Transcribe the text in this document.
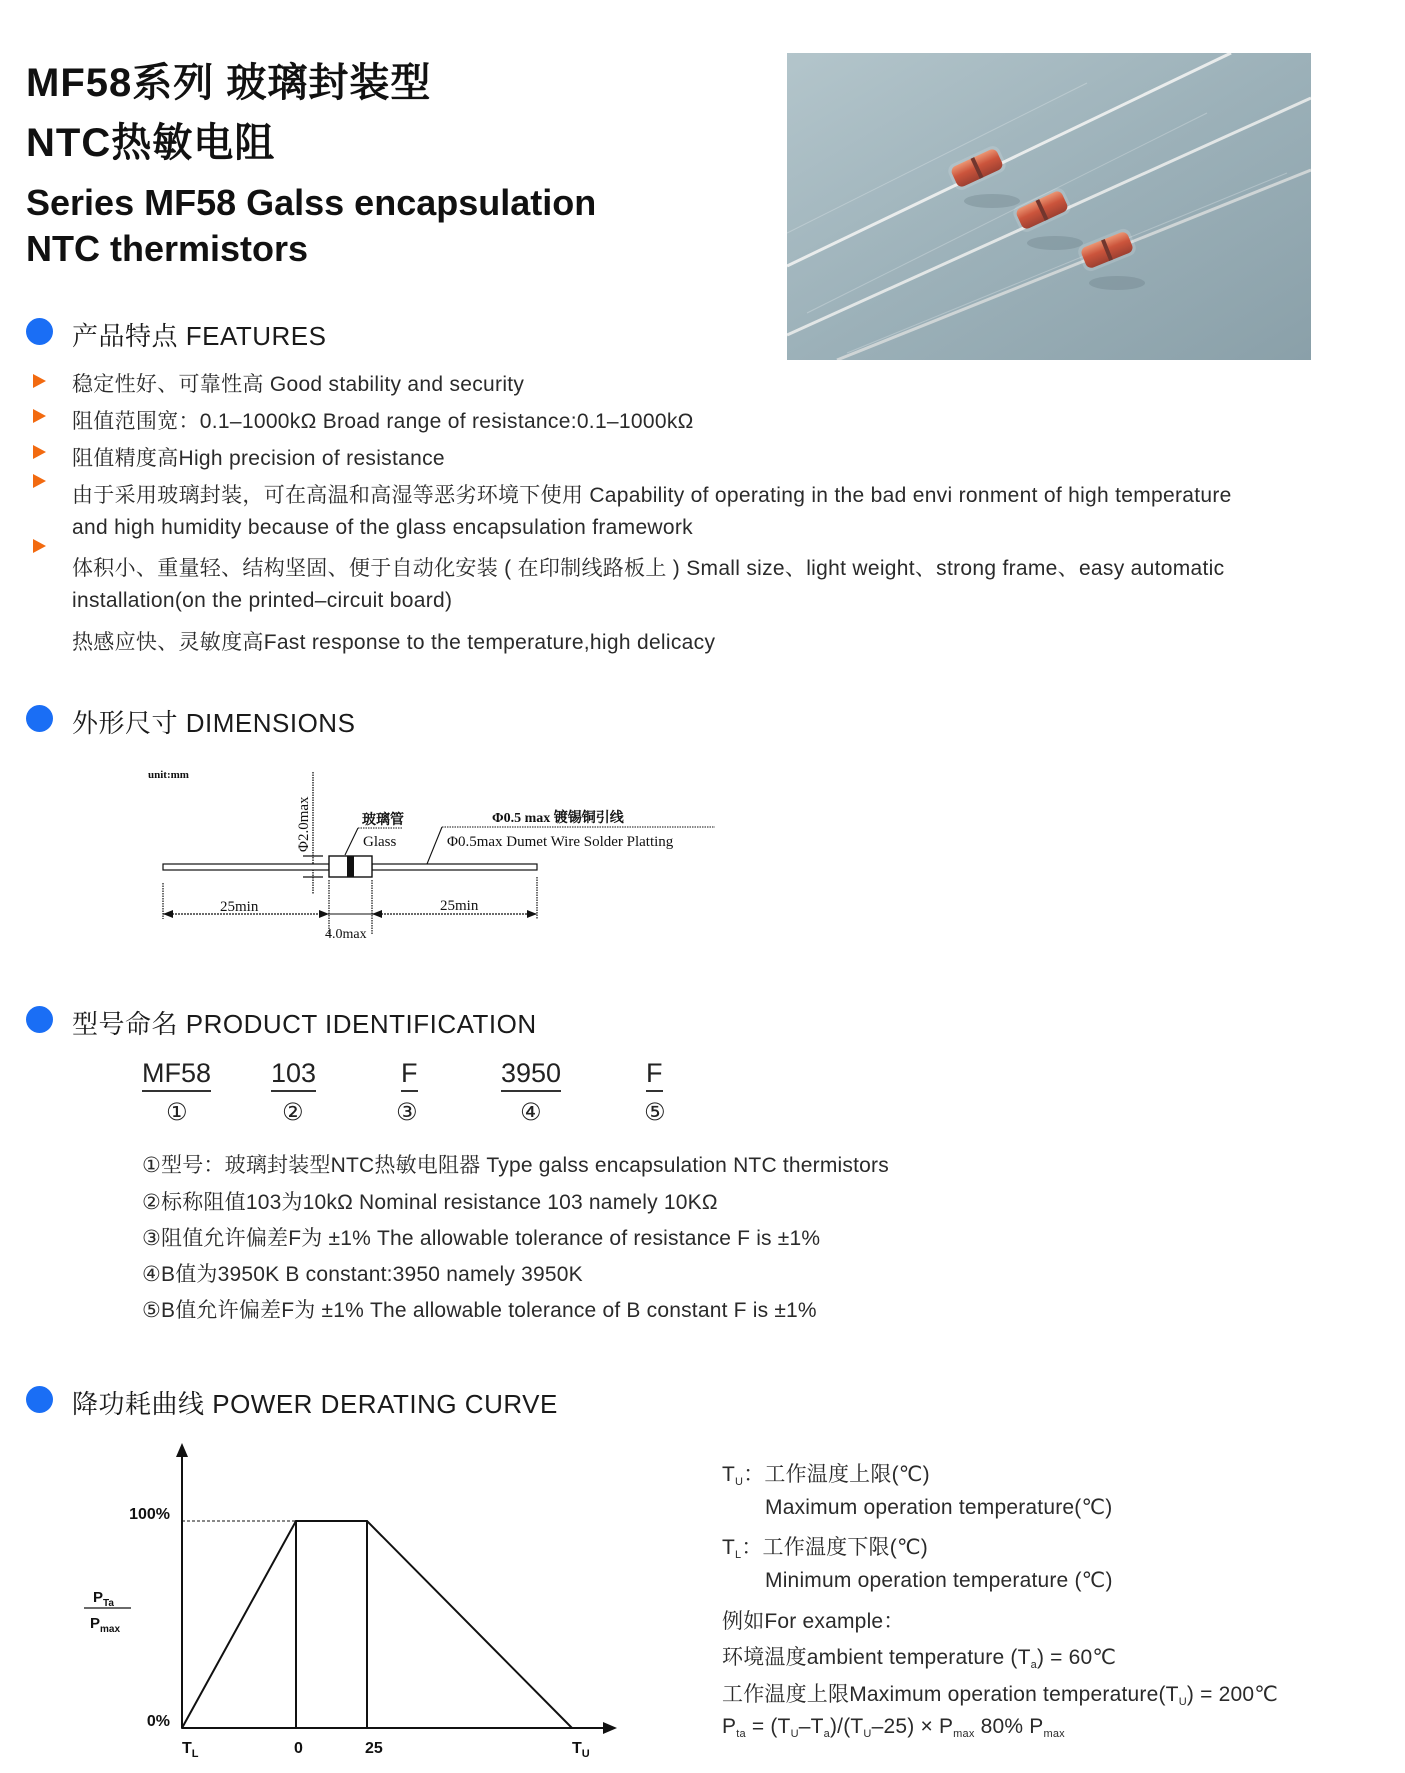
MF58系列 玻璃封装型
NTC热敏电阻
Series MF58 Galss encapsulation
NTC thermistors
产品特点 FEATURES
稳定性好、可靠性高 Good stability and security
阻值范围宽：0.1–1000kΩ Broad range of resistance:0.1–1000kΩ
阻值精度高High precision of resistance
由于采用玻璃封装，可在高温和高湿等恶劣环境下使用 Capability of operating in the bad envi ronment of high temperature
and high humidity because of the glass encapsulation framework
体积小、重量轻、结构坚固、便于自动化安装 ( 在印制线路板上 ) Small size、light weight、strong frame、easy automatic
installation(on the printed–circuit board)
热感应快、灵敏度高Fast response to the temperature,high delicacy
外形尺寸 DIMENSIONS
unit:mm
Φ2.0max	玻璃管
Glass
Φ0.5 max 镀锡铜引线
Φ0.5max Dumet Wire Solder Platting
25min	25min
4.0max
型号命名 PRODUCT IDENTIFICATION
MF58 103	F	3950	F
①	②	③	④	⑤
①型号：玻璃封装型NTC热敏电阻器 Type galss encapsulation NTC thermistors
②标称阻值103为10kΩ Nominal resistance 103 namely 10KΩ
③阻值允许偏差F为 ±1% The allowable tolerance of resistance F is ±1%
④B值为3950K B constant:3950 namely 3950K
⑤B值允许偏差F为 ±1% The allowable tolerance of B constant F is ±1%
降功耗曲线 POWER DERATING CURVE
$P_{Ta}$
$P_{max}$
0%
100%
$T_L$	0	25	$T_U$
$T_U$：工作温度上限(℃)
Maximum operation temperature(℃)
$T_L$：工作温度下限(℃)
Minimum operation temperature (℃)
例如For example：
环境温度ambient temperature $(T_a)$ = 60℃
工作温度上限Maximum operation $temperature(T_U)$ = 200℃
$P_{ta} = (T_U-T_a)/(T_U-25) \times P_{max}$ 80% $P_{max}$
